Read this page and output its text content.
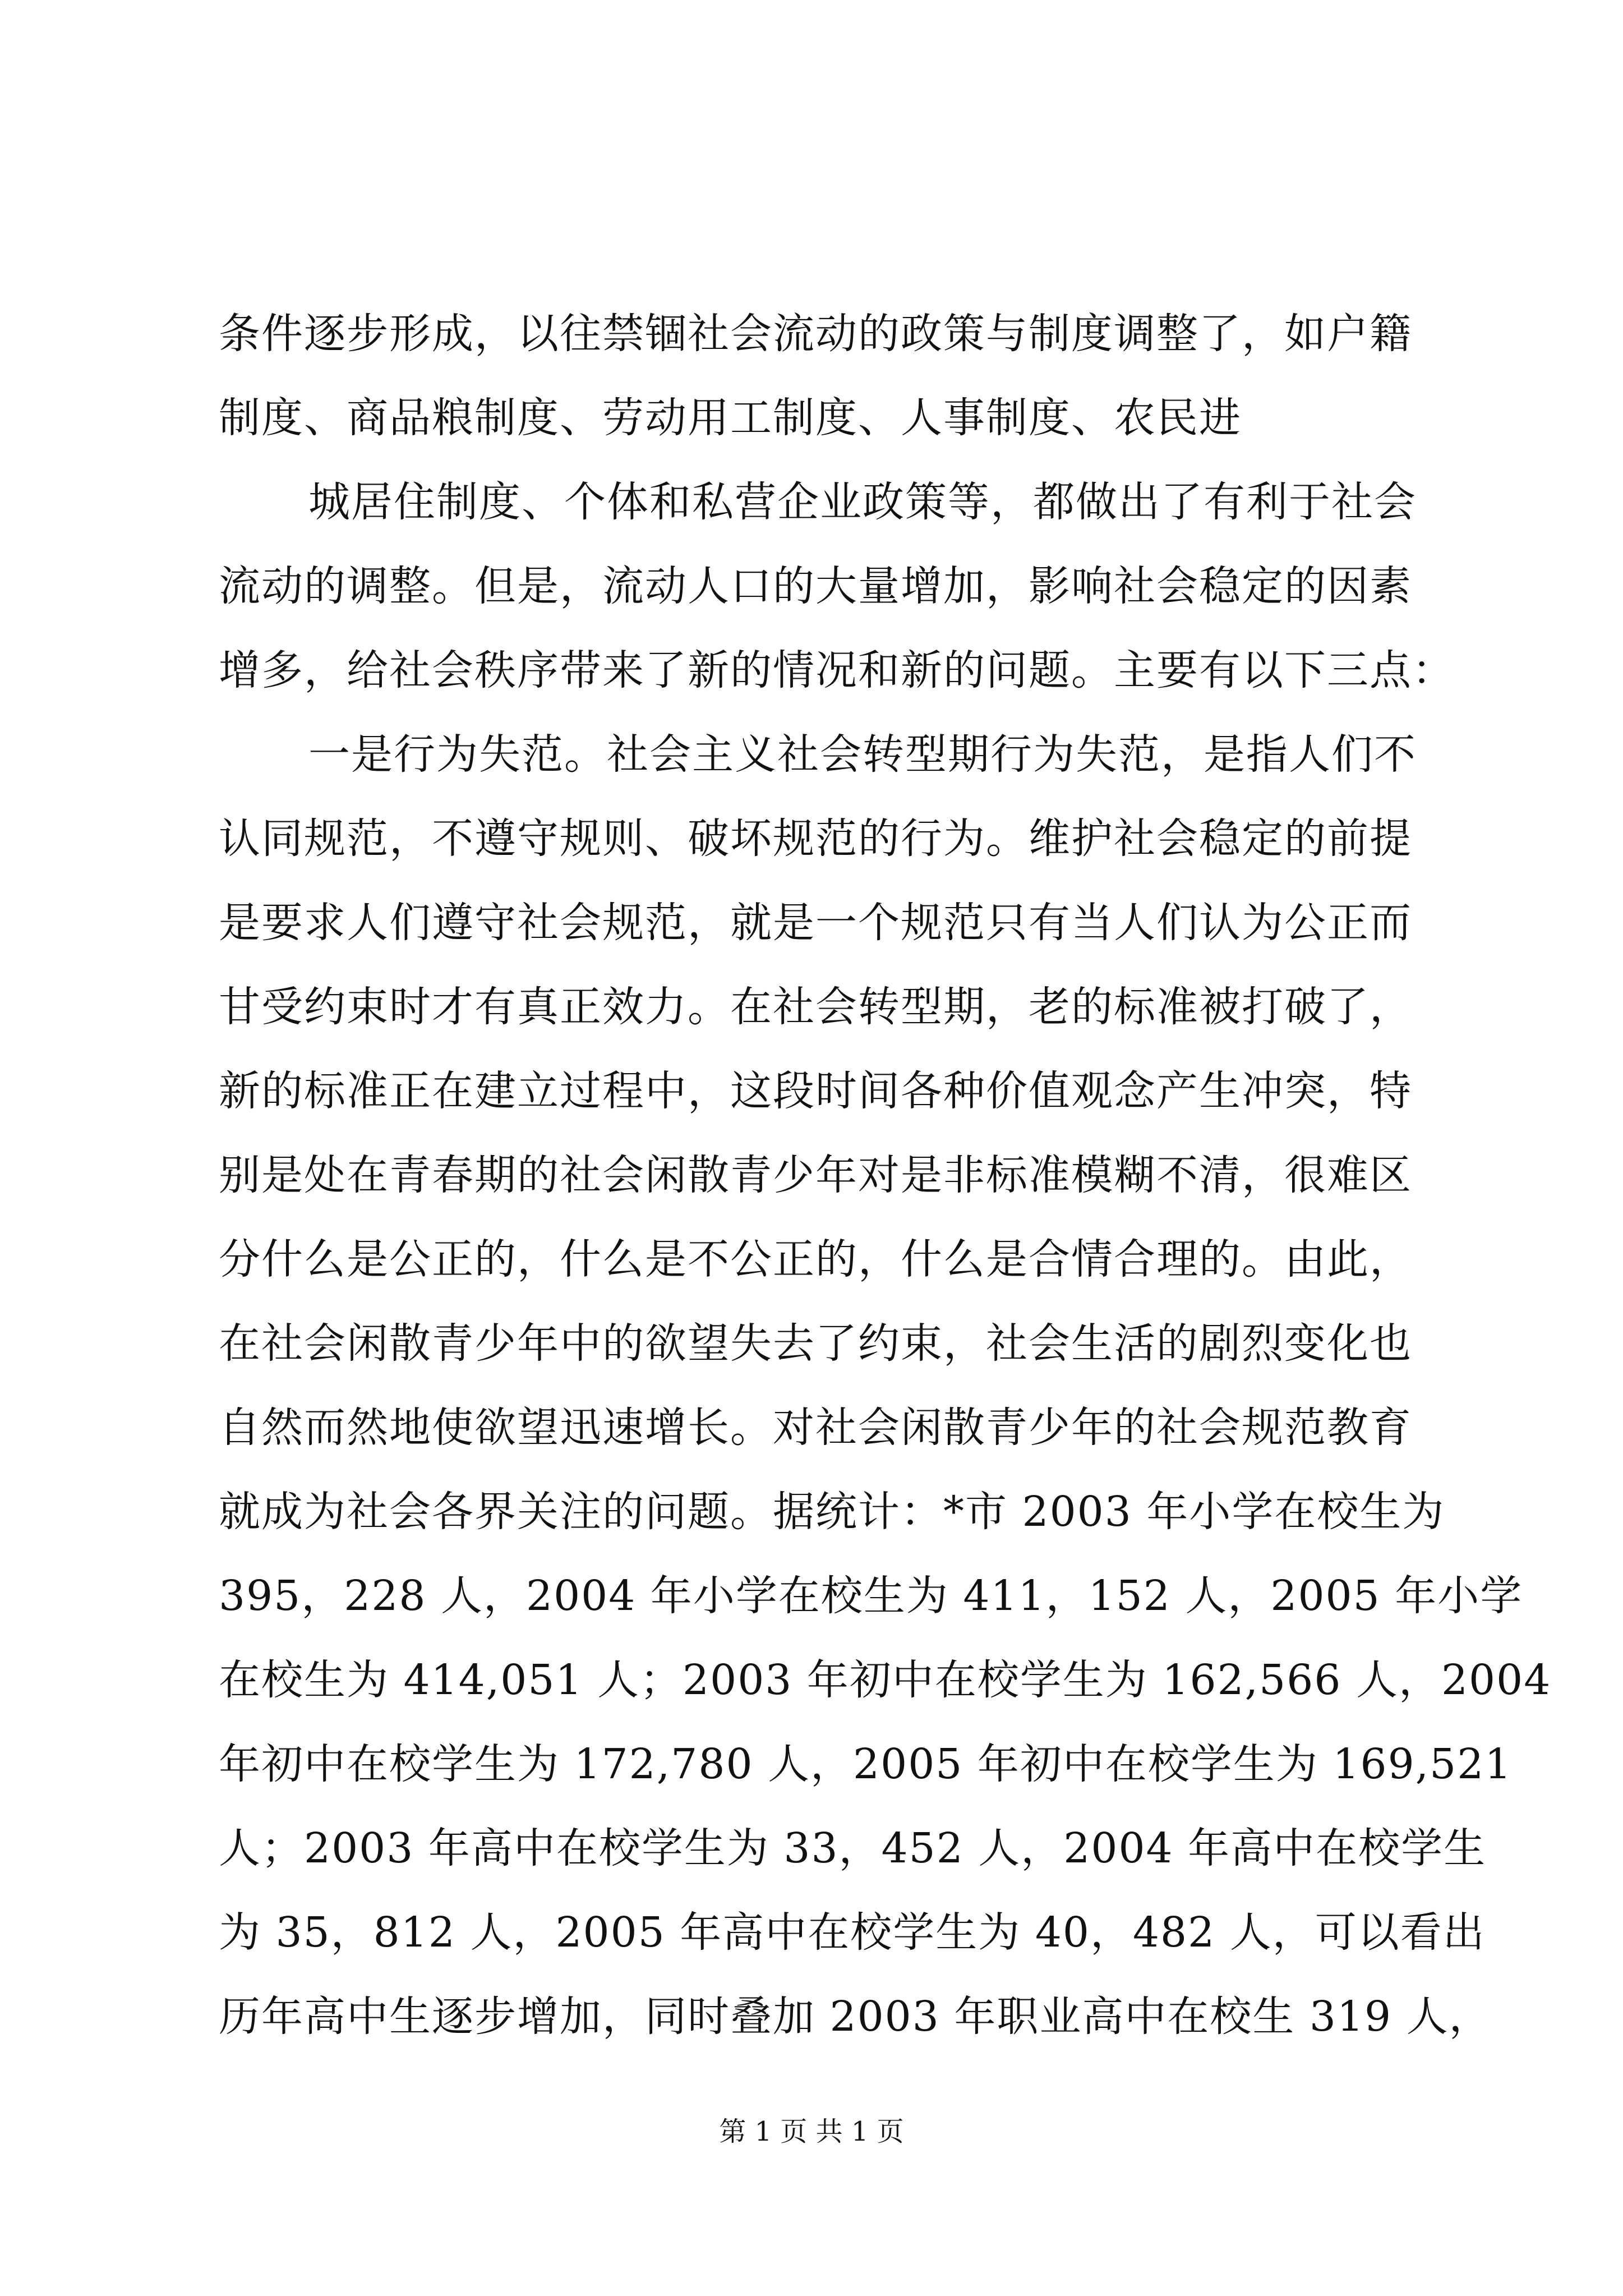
条件逐步形成，以往禁锢社会流动的政策与制度调整了，如户籍
制度、商品粮制度、劳动用工制度、人事制度、农民进
城居住制度、个体和私营企业政策等，都做出了有利于社会
流动的调整。但是，流动人口的大量增加，影响社会稳定的因素
增多，给社会秩序带来了新的情况和新的问题。主要有以下三点：
一是行为失范。社会主义社会转型期行为失范，是指人们不
认同规范，不遵守规则、破坏规范的行为。维护社会稳定的前提
是要求人们遵守社会规范，就是一个规范只有当人们认为公正而
甘受约束时才有真正效力。在社会转型期，老的标准被打破了，
新的标准正在建立过程中，这段时间各种价值观念产生冲突，特
别是处在青春期的社会闲散青少年对是非标准模糊不清，很难区
分什么是公正的，什么是不公正的，什么是合情合理的。由此，
在社会闲散青少年中的欲望失去了约束，社会生活的剧烈变化也
自然而然地使欲望迅速增长。对社会闲散青少年的社会规范教育
就成为社会各界关注的问题。据统计：*市 2003 年小学在校生为
395，228 人，2004 年小学在校生为 411，152 人，2005 年小学
在校生为 414,051 人；2003 年初中在校学生为 162,566 人，2004
年初中在校学生为 172,780 人，2005 年初中在校学生为 169,521
人；2003 年高中在校学生为 33，452 人，2004 年高中在校学生
为 35，812 人，2005 年高中在校学生为 40，482 人，可以看出
历年高中生逐步增加，同时叠加 2003 年职业高中在校生 319 人，
第 1 页 共 1 页
